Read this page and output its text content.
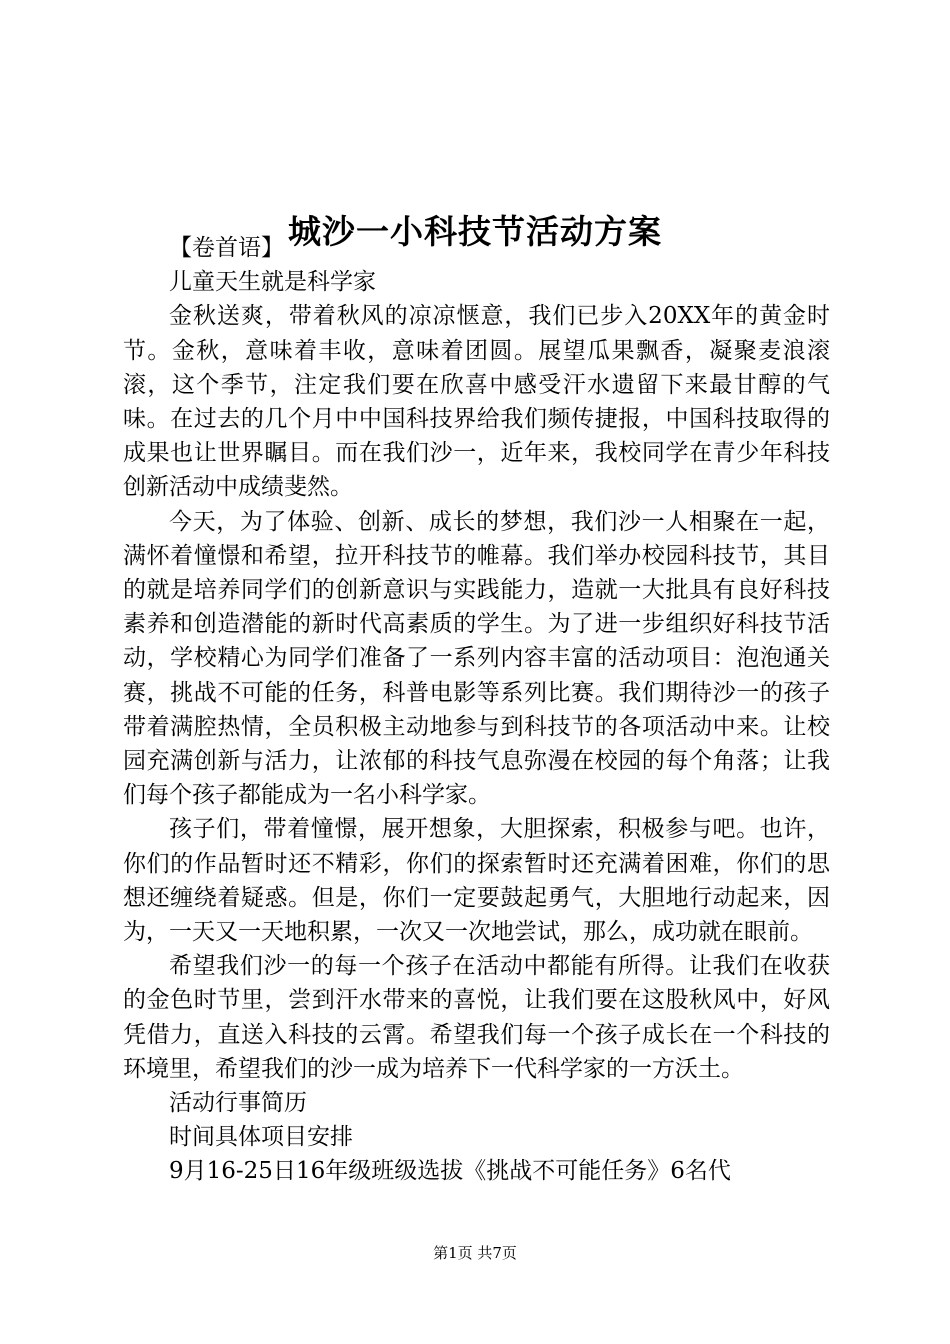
城沙一小科技节活动方案

【卷首语】

儿童天生就是科学家

金秋送爽，带着秋风的凉凉惬意，我们已步入20XX年的黄金时节。金秋，意味着丰收，意味着团圆。展望瓜果飘香，凝聚麦浪滚滚，这个季节，注定我们要在欣喜中感受汗水遗留下来最甘醇的气味。在过去的几个月中中国科技界给我们频传捷报，中国科技取得的成果也让世界瞩目。而在我们沙一，近年来，我校同学在青少年科技创新活动中成绩斐然。

今天，为了体验、创新、成长的梦想，我们沙一人相聚在一起，满怀着憧憬和希望，拉开科技节的帷幕。我们举办校园科技节，其目的就是培养同学们的创新意识与实践能力，造就一大批具有良好科技素养和创造潜能的新时代高素质的学生。为了进一步组织好科技节活动，学校精心为同学们准备了一系列内容丰富的活动项目：泡泡通关赛，挑战不可能的任务，科普电影等系列比赛。我们期待沙一的孩子带着满腔热情，全员积极主动地参与到科技节的各项活动中来。让校园充满创新与活力，让浓郁的科技气息弥漫在校园的每个角落；让我们每个孩子都能成为一名小科学家。

孩子们，带着憧憬，展开想象，大胆探索，积极参与吧。也许，你们的作品暂时还不精彩，你们的探索暂时还充满着困难，你们的思想还缠绕着疑惑。但是，你们一定要鼓起勇气，大胆地行动起来，因为，一天又一天地积累，一次又一次地尝试，那么，成功就在眼前。

希望我们沙一的每一个孩子在活动中都能有所得。让我们在收获的金色时节里，尝到汗水带来的喜悦，让我们要在这股秋风中，好风凭借力，直送入科技的云霄。希望我们每一个孩子成长在一个科技的环境里，希望我们的沙一成为培养下一代科学家的一方沃土。

活动行事简历

时间具体项目安排

9月16-25日16年级班级选拔《挑战不可能任务》6名代

第1页 共7页
